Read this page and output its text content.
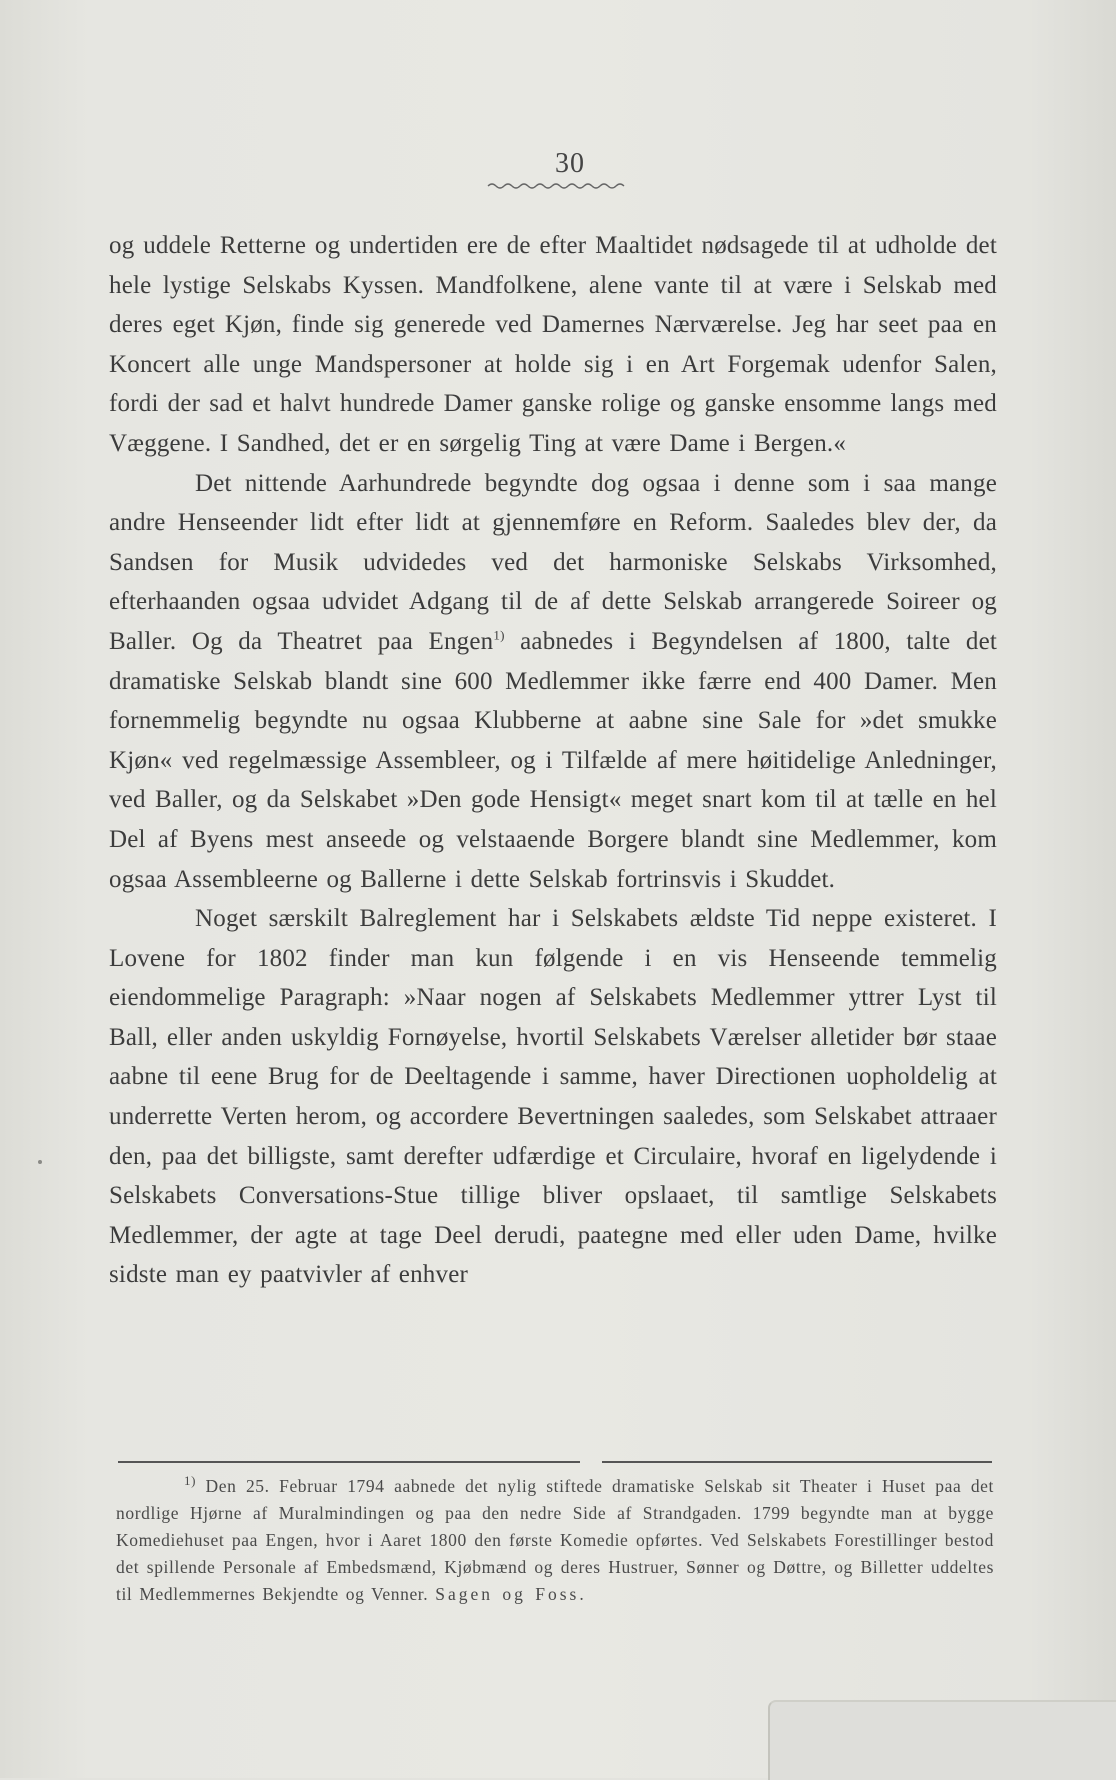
30

og uddele Retterne og undertiden ere de efter Maaltidet nødsagede til at udholde det hele lystige Selskabs Kyssen. Mandfolkene, alene vante til at være i Selskab med deres eget Kjøn, finde sig generede ved Damernes Nærværelse. Jeg har seet paa en Koncert alle unge Mandspersoner at holde sig i en Art Forgemak udenfor Salen, fordi der sad et halvt hundrede Damer ganske rolige og ganske ensomme langs med Væggene. I Sandhed, det er en sørgelig Ting at være Dame i Bergen.«

Det nittende Aarhundrede begyndte dog ogsaa i denne som i saa mange andre Henseender lidt efter lidt at gjennemføre en Reform. Saaledes blev der, da Sandsen for Musik udvidedes ved det harmoniske Selskabs Virksomhed, efterhaanden ogsaa udvidet Adgang til de af dette Selskab arrangerede Soireer og Baller. Og da Theatret paa Engen$^{1)}$ aabnedes i Begyndelsen af 1800, talte det dramatiske Selskab blandt sine 600 Medlemmer ikke færre end 400 Damer. Men fornemmelig begyndte nu ogsaa Klubberne at aabne sine Sale for »det smukke Kjøn« ved regelmæssige Assembleer, og i Tilfælde af mere høitidelige Anledninger, ved Baller, og da Selskabet »Den gode Hensigt« meget snart kom til at tælle en hel Del af Byens mest anseede og velstaaende Borgere blandt sine Medlemmer, kom ogsaa Assembleerne og Ballerne i dette Selskab fortrinsvis i Skuddet.

Noget særskilt Balreglement har i Selskabets ældste Tid neppe existeret. I Lovene for 1802 finder man kun følgende i en vis Henseende temmelig eiendommelige Paragraph: »Naar nogen af Selskabets Medlemmer yttrer Lyst til Ball, eller anden uskyldig Fornøyelse, hvortil Selskabets Værelser alletider bør staae aabne til eene Brug for de Deeltagende i samme, haver Directionen uopholdelig at underrette Verten herom, og accordere Bevertningen saaledes, som Selskabet attraaer den, paa det billigste, samt derefter udfærdige et Circulaire, hvoraf en ligelydende i Selskabets Conversations-Stue tillige bliver opslaaet, til samtlige Selskabets Medlemmer, der agte at tage Deel derudi, paategne med eller uden Dame, hvilke sidste man ey paatvivler af enhver

$^{1)}$ Den 25. Februar 1794 aabnede det nylig stiftede dramatiske Selskab sit Theater i Huset paa det nordlige Hjørne af Muralmindingen og paa den nedre Side af Strandgaden. 1799 begyndte man at bygge Komediehuset paa Engen, hvor i Aaret 1800 den første Komedie opførtes. Ved Selskabets Forestillinger bestod det spillende Personale af Embedsmænd, Kjøbmænd og deres Hustruer, Sønner og Døttre, og Billetter uddeltes til Medlemmernes Bekjendte og Venner. Sagen og Foss.
